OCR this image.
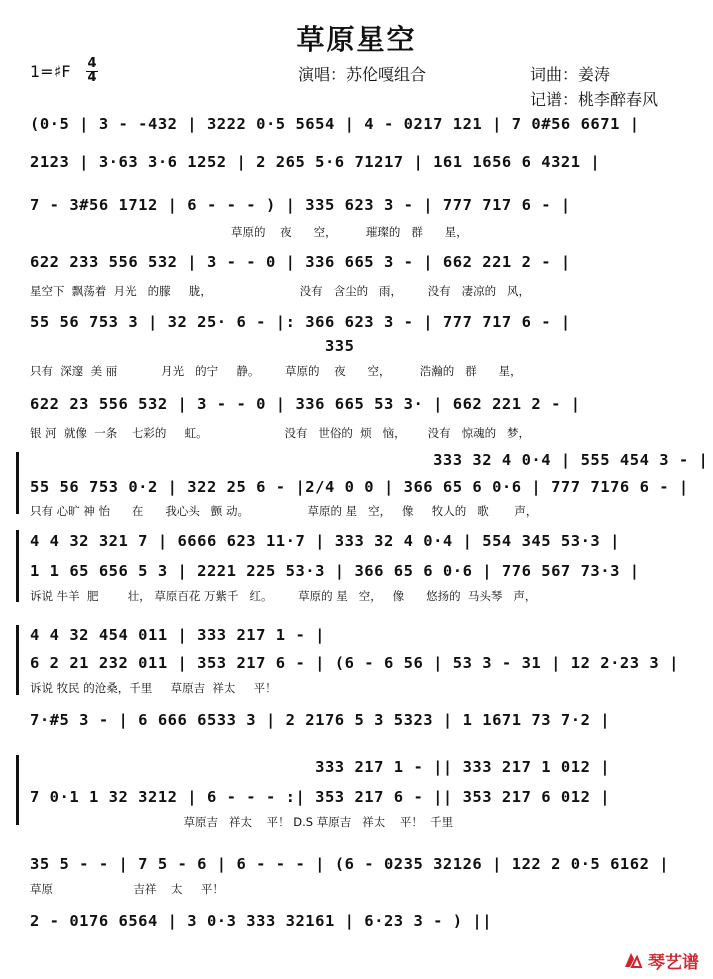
草原星空
1=♯F 4
4	演唱：苏伦嘎组合	词曲：姜涛
记谱：桃李醉春风
(0·5 | 3 - -432 | 3222 0·5 5654 | 4 - 0217 121 | 7 0#56 6671 |
2123 | 3·63 3·6 1252 | 2 265 5·6 71217 | 161 1656 6 4321 |
7 - 3#56 1712 | 6 - - - ) | 335 623 3 - | 777 717 6 - |
草原的    夜      空，        璀璨的   群      星，
622 233 556 532 | 3 - - 0 | 336 665 3 - | 662 221 2 - |
星空下  飘荡着  月光   的朦     胧，                        没有   含尘的   雨，       没有   凄凉的   风，
55 56 753 3 | 32 25· 6 - |: 366 623 3 - | 777 717 6 - |
335
只有  深邃  美 丽            月光   的宁     静。       草原的    夜      空，        浩瀚的   群      星，
622 23 556 532 | 3 - - 0 | 336 665 53 3· | 662 221 2 - |
银 河  就像  一条    七彩的     虹。                     没有   世俗的  烦   恼，      没有   惊魂的   梦，
333 32 4 0·4 | 555 454 3 - |
55 56 753 0·2 | 322 25 6 - |2/4 0 0 | 366 65 6 0·6 | 777 7176 6 - |
只有 心旷 神 怡      在      我心头   颤 动。                草原的 星   空，   像     牧人的   歌       声，
4 4 32 321 7 | 6666 623 11·7 | 333 32 4 0·4 | 554 345 53·3 |
1 1 65 656 5 3 | 2221 225 53·3 | 366 65 6 0·6 | 776 567 73·3 |
诉说 牛羊  肥        壮， 草原百花 万紫千   红。       草原的 星   空，   像      悠扬的  马头琴   声，
4 4 32 454 011 | 333 217 1 - |
6 2 21 232 011 | 353 217 6 - | (6 - 6 56 | 53 3 - 31 | 12 2·23 3 |
诉说 牧民 的沧桑，千里     草原吉  祥太     平！
7·#5 3 - | 6 666 6533 3 | 2 2176 5 3 5323 | 1 1671 73 7·2 |
333 217 1 - || 333 217 1 012 |
7 0·1 1 32 3212 | 6 - - - :| 353 217 6 - || 353 217 6 012 |
草原吉   祥太    平！ D.S 草原吉   祥太    平！  千里
35 5 - - | 7 5 - 6 | 6 - - - | (6 - 0235 32126 | 122 2 0·5 6162 |
草原                      吉祥    太     平！
2 - 0176 6564 | 3 0·3 333 32161 | 6·23 3 - ) ||
琴艺谱
